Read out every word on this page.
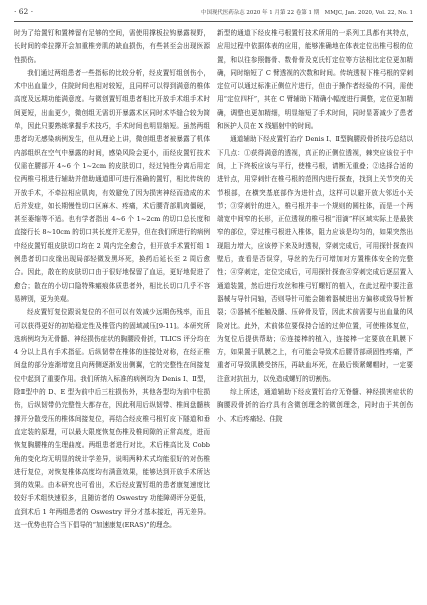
· 62 ·	中国现代医药杂志 2020 年 1 月第 22 卷第 1 期　MMJC, Jan. 2020, Vol. 22, No. 1

时为了给置钉和置棒留有足够的空间，需使用撑板拉钩暴露视野，长时间的牵拉撑开会加重椎旁肌的缺血损伤，有些甚至会出现医源性损伤。

我们通过两组患者一些指标的比较分析，经皮置钉组创伤小，术中出血量少，住院时间也相对较短，且同样可以得到满意的椎体高度及远期功能满意度。与微创置钉组患者相比开放手术组手术时间更短，出血更少，微创组无需切开暴露术区同时术毕缝合较为简单，因此只要熟练掌握手术技巧，手术时间也明显缩短。虽然两组患者均无感染病例发生，但从理论上讲，微创组患者被暴露了机体内部组织在空气中暴露的时间，感染风险会更小，而经皮置钉技术仅需在腰部开 4~6 个 1~2cm 的皮肤切口，经过钝性分离后用定位两椎弓根进行辅助并借助通道即可进行准确的置钉，相比传统的开放手术，不牵拉相应肌肉，有效避免了因为损害神经而造成的术后并发症，如长期慢性切口区麻木、疼痛，术后腰背部肌肉僵硬，甚至萎缩等不适。也有学者指出 4~6 个 1~2cm 的切口总长度和直接行长 8~10cm 的切口其长度并无差异，但在我们所进行的病例中经皮置钉组皮肤切口均在 2 周内完全愈合，但开放手术置钉组 1 例患者切口皮缘出现局部轻微发黑坏死，换药后延长至 2 周后愈合。因此，散在的皮肤切口由于很好地保留了血运，更好地促进了愈合；散在的小切口隐特殊瘢痕体质患者外，相比长切口几乎不容易辨别，更为美观。

经皮置钉复位跟说复位的不但可以有效减少远期伤残率，而且可以获得更好的初始稳定性及椎管内的固域减压[9-11]。本研究所选病例均为无骨髓、神经损伤症状的胸腰段骨折，TLICS 评分均在 4 分以上具有手术指征。后纵韧带在椎体的连接处对称，在经正椎间盘的部分连渐增宽且向两侧逐渐发出侧翼，它的完整性在间接复位中起到了重要作用。我们所纳入标准的病例均为 Denis Ⅰ、Ⅱ型，除Ⅱ型中的 D、E 型为前中后三柱损伤外，其他各型均为前中柱损伤，后纵韧带仍完整性大都存在，因此利用后纵韧带、椎间盘髓核撑开分散受压的椎体间接复位，再结合经皮椎弓根钉皮下隧道和垂直定装的原理，可以最大限度恢复伤椎及椎间隙的正常高度，进而恢复胸腰椎的生理曲度。两组患者进行对比，术后椎高比及 Cobb 角的变化均无明显的统计学差异，说明两种术式均能很好的对伤椎进行复位，对恢复椎体高度均有满意效果，能够达到开放手术所达到的效果。由本研究也可看出，术后经皮置钉组的患者康复速度比较好手术组快速很多，且随访者的 Oswestry 功能障碍评分更低，直到术后 1 年两组患者的 Oswestry 评分才基本接近，再无差异。这一优势也符合当下倡导的“加速康复(ERAS)”的理念。

新型的通道下经皮椎弓根置钉技术所用的一系列工具都有其特点，应用过程中依据体表的应用，能够准确地在体表定位出椎弓根的位置，和以往参照髂骨、数骨骨及克氏钉定位等方法相比定位更加精确，同时缩短了 C 臂透视的次数和时间。传统透视下椎弓根的穿刺定位可以通过标准正侧位片进行，但由于操作者经验的不同，需使用“定位四杆”，其在 C 臂辅助下精确小幅度进行调整，定位更加精确，调整也更加精细，明显缩短了手术时间，同时显著减少了患者和医护人员在 X 线辐射中的时间。

通道辅助下经皮置钉治疗 Denis Ⅰ、Ⅱ型胸腰段骨折技巧总结以下几点：①获得满意的透视，真正的正侧位透视，棘突应该位于中间，上下终板应该与平行，使椎弓根，请断无重叠；②选择合适的进针点，用穿刺针在椎弓根的范围内进行探查，找到上关节突的关节根部，在横突基底部作为进针点，这样可以避开放大邻近小关节；③穿刺针的进入，椎弓根并非一个规则的圆柱体，而是一个两端宽中间窄的长形，正位透视的椎弓根“泪滴”样区域实际上是最狭窄的部位，穿过椎弓根进入椎体，阻力应该是均匀的，如果突然出现阻力增大，应该停下来及时透视，穿刺完成后，可用探针探查四壁后，查看是否误穿，导丝的先行可增加对方置椎体安全的完整性；④穿刺定，定位完成后，可用探针探查④穿刺完成后逐层置入通道装置，然后进行攻丝和椎弓钉螺钉的植入，在此过程中要注意器械与导针同轴，否则导针可能会随着器械进出方偏移或致导针断裂；⑤器械不能触及髓、压碎骨及管，因此术前需要与出血量的风险对比。此外，术前体位要保持合适的过伸位置，可使椎体复位，为复位后提供帮助；⑥连接棒的植入，连接棒一定要放在肌膜下方，如果置于肌膜之上，有可能会导致术后腰背部顽固性疼痛，严重者可导致肌膜受挤压，再缺血坏死，在最后锁紧螺帽时，一定要注意对抗扭力，以免造成螺钉的切割伤。

综上所述，通道辅助下经皮置钉治疗无脊髓、神经损害症状的胸腰段骨折的治疗具有含微创理念的微创理念，同时由于其创伤小、术后疼痛轻、住院
